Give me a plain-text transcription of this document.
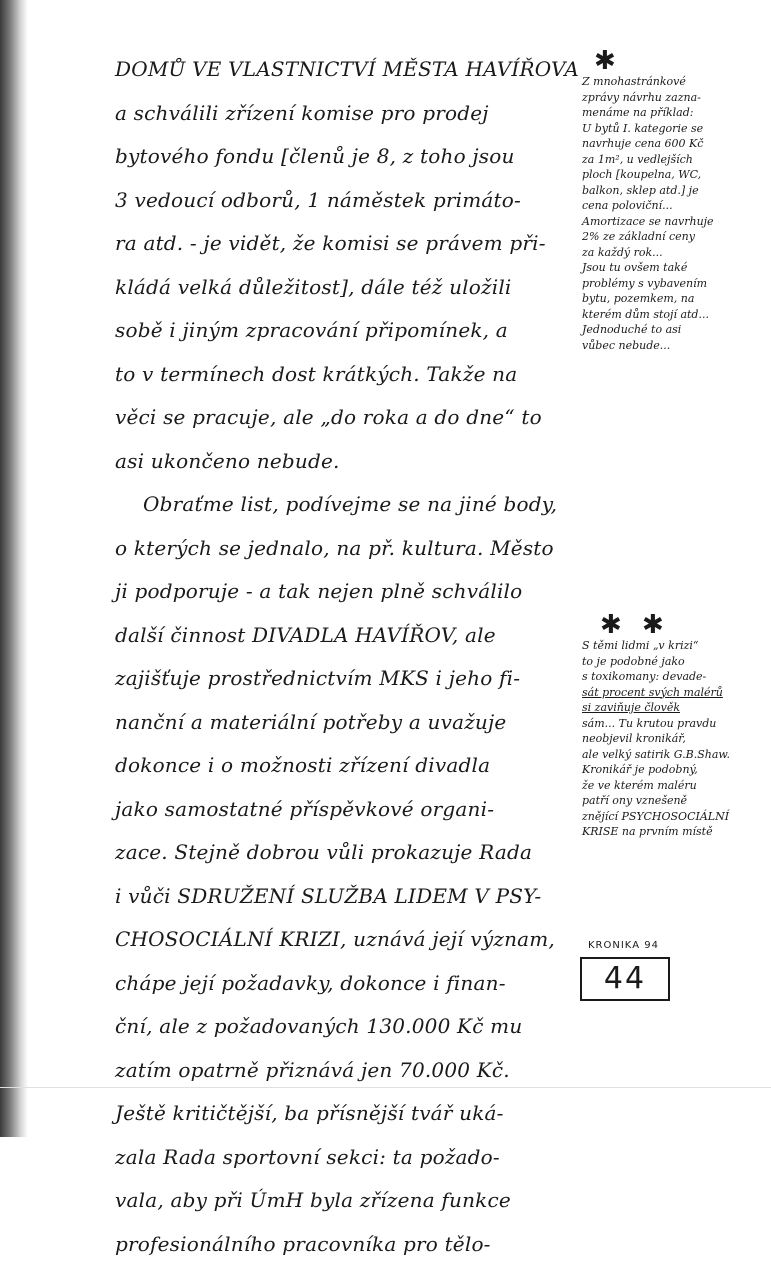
DOMŮ VE VLASTNICTVÍ MĚSTA HAVÍŘOVA
a schválili zřízení komise pro prodej
bytového fondu [členů je 8, z toho jsou
3 vedoucí odborů, 1 náměstek primáto-
ra atd. - je vidět, že komisi se právem při-
kládá velká důležitost], dále též uložili
sobě i jiným zpracování připomínek, a
to v termínech dost krátkých. Takže na
věci se pracuje, ale „do roka a do dne“ to
asi ukončeno nebude.
Obraťme list, podívejme se na jiné body,
o kterých se jednalo, na př. kultura. Město
ji podporuje - a tak nejen plně schválilo
další činnost DIVADLA HAVÍŘOV, ale
zajišťuje prostřednictvím MKS i jeho fi-
nanční a materiální potřeby a uvažuje
dokonce i o možnosti zřízení divadla
jako samostatné příspěvkové organi-
zace. Stejně dobrou vůli prokazuje Rada
i vůči SDRUŽENÍ SLUŽBA LIDEM V PSY-
CHOSOCIÁLNÍ KRIZI, uznává její význam,
chápe její požadavky, dokonce i finan-
ční, ale z požadovaných 130.000 Kč mu
zatím opatrně přiznává jen 70.000 Kč.
Ještě kritičtější, ba přísnější tvář uká-
zala Rada sportovní sekci: ta požado-
vala, aby při ÚmH byla zřízena funkce
profesionálního pracovníka pro tělo-
✱
Z mnohastránkové
zprávy návrhu zazna-
menáme na příklad:
U bytů I. kategorie se
navrhuje cena 600 Kč
za 1m², u vedlejších
ploch [koupelna, WC,
balkon, sklep atd.] je
cena poloviční...
Amortizace se navrhuje
2% ze základní ceny
za každý rok...
Jsou tu ovšem také
problémy s vybavením
bytu, pozemkem, na
kterém dům stojí atd...
Jednoduché to asi
vůbec nebude...
✱ ✱
S těmi lidmi „v krizi“
to je podobné jako
s toxikomany: devade-
sát procent svých malérů
si zaviňuje člověk
sám... Tu krutou pravdu
neobjevil kronikář,
ale velký satirik G.B.Shaw.
Kronikář je podobný,
že ve kterém maléru
patří ony vznešeně
znějící PSYCHOSOCIÁLNÍ
KRISE na prvním místě
KRONIKA 94
44
